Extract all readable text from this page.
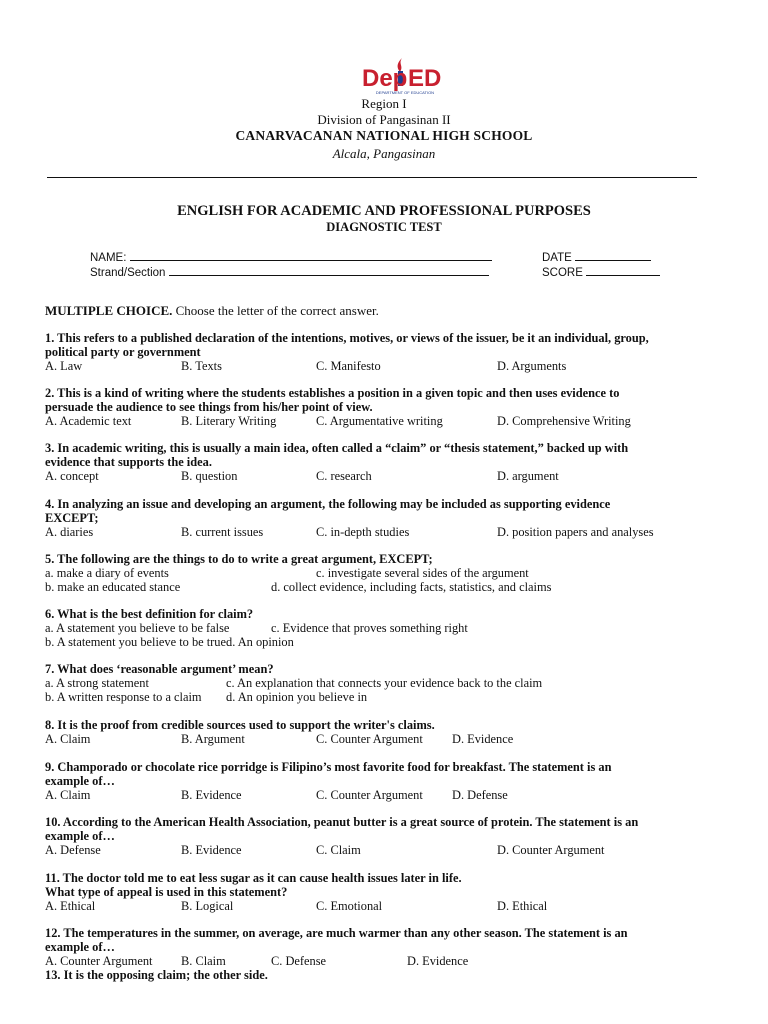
Dep ED
DEPARTMENT OF EDUCATION
Region I
Division of Pangasinan II
CANARVACANAN NATIONAL HIGH SCHOOL
Alcala, Pangasinan
ENGLISH FOR ACADEMIC AND PROFESSIONAL PURPOSES
DIAGNOSTIC TEST
NAME:	DATE
Strand/Section	SCORE
MULTIPLE CHOICE. Choose the letter of the correct answer.
1. This refers to a published declaration of the intentions, motives, or views of the issuer, be it an individual, group,
political party or government
A. Law	B. Texts	C. Manifesto	D. Arguments
2. This is a kind of writing where the students establishes a position in a given topic and then uses evidence to
persuade the audience to see things from his/her point of view.
A. Academic text	B. Literary Writing	C. Argumentative writing	D. Comprehensive Writing
3. In academic writing, this is usually a main idea, often called a “claim” or “thesis statement,” backed up with
evidence that supports the idea.
A. concept	B. question	C. research	D. argument
4. In analyzing an issue and developing an argument, the following may be included as supporting evidence
EXCEPT;
A. diaries	B. current issues	C. in-depth studies	D. position papers and analyses
5. The following are the things to do to write a great argument, EXCEPT;
a. make a diary of events	c. investigate several sides of the argument
b. make an educated stance	d. collect evidence, including facts, statistics, and claims
6. What is the best definition for claim?
a. A statement you believe to be false	c. Evidence that proves something right
b. A statement you believe to be true d. An opinion
7. What does ‘reasonable argument’ mean?
a. A strong statement	c. An explanation that connects your evidence back to the claim
b. A written response to a claim d. An opinion you believe in
8. It is the proof from credible sources used to support the writer's claims.
A. Claim	B. Argument	C. Counter Argument D. Evidence
9. Champorado or chocolate rice porridge is Filipino’s most favorite food for breakfast. The statement is an
example of…
A. Claim	B. Evidence	C. Counter Argument D. Defense
10. According to the American Health Association, peanut butter is a great source of protein. The statement is an
example of…
A. Defense	B. Evidence	C. Claim	D. Counter Argument
11. The doctor told me to eat less sugar as it can cause health issues later in life.
What type of appeal is used in this statement?
A. Ethical	B. Logical	C. Emotional	D. Ethical
12. The temperatures in the summer, on average, are much warmer than any other season. The statement is an
example of…
A. Counter Argument B. Claim	C. Defense	D. Evidence
13. It is the opposing claim; the other side.
